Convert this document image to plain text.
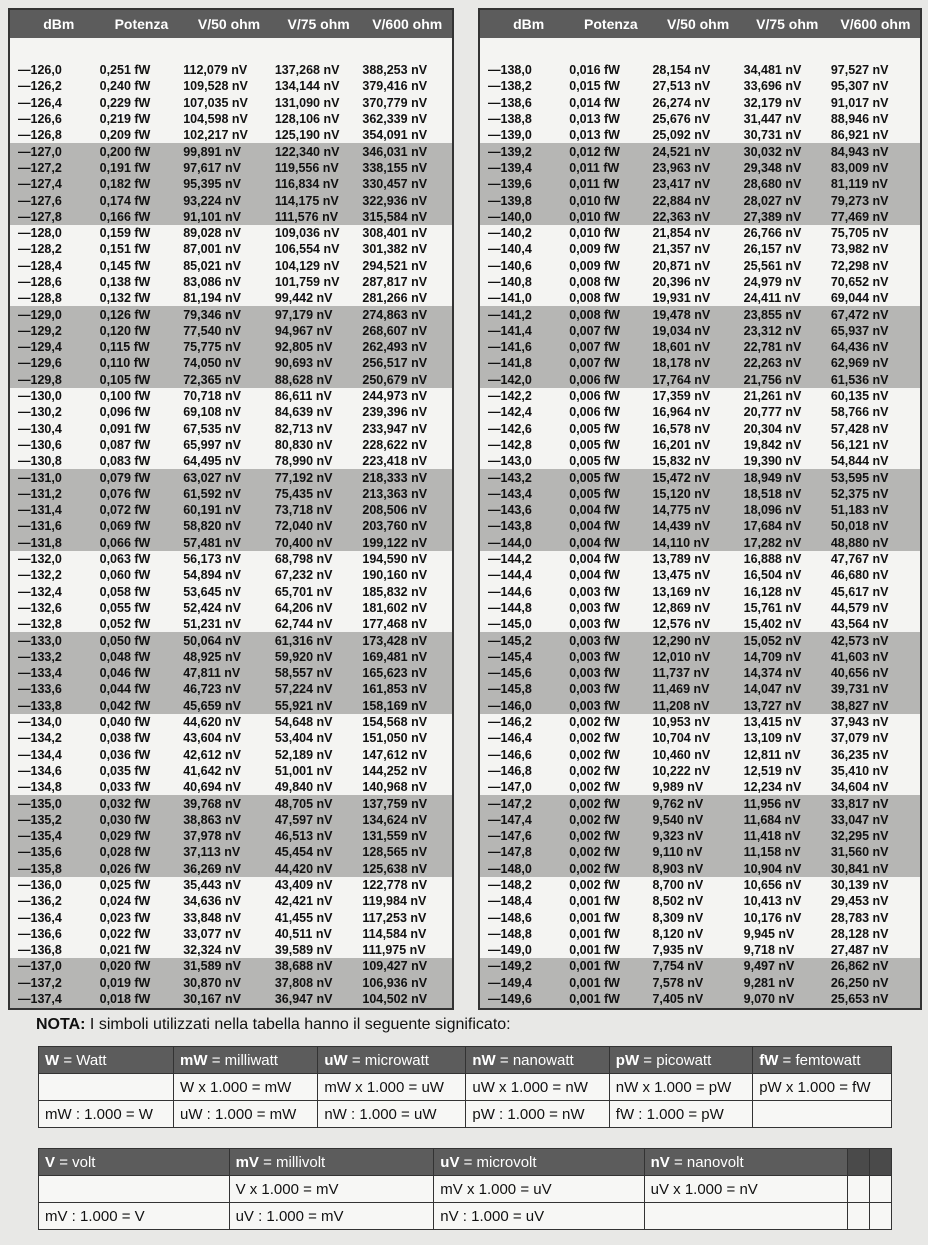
dBm	Potenza	V/50 ohm	V/75 ohm	V/600 ohm
—126,0	0,251 fW	112,079 nV	137,268 nV	388,253 nV
—126,2	0,240 fW	109,528 nV	134,144 nV	379,416 nV
—126,4	0,229 fW	107,035 nV	131,090 nV	370,779 nV
—126,6	0,219 fW	104,598 nV	128,106 nV	362,339 nV
—126,8	0,209 fW	102,217 nV	125,190 nV	354,091 nV
—127,0	0,200 fW	99,891 nV	122,340 nV	346,031 nV
—127,2	0,191 fW	97,617 nV	119,556 nV	338,155 nV
—127,4	0,182 fW	95,395 nV	116,834 nV	330,457 nV
—127,6	0,174 fW	93,224 nV	114,175 nV	322,936 nV
—127,8	0,166 fW	91,101 nV	111,576 nV	315,584 nV
—128,0	0,159 fW	89,028 nV	109,036 nV	308,401 nV
—128,2	0,151 fW	87,001 nV	106,554 nV	301,382 nV
—128,4	0,145 fW	85,021 nV	104,129 nV	294,521 nV
—128,6	0,138 fW	83,086 nV	101,759 nV	287,817 nV
—128,8	0,132 fW	81,194 nV	99,442 nV	281,266 nV
—129,0	0,126 fW	79,346 nV	97,179 nV	274,863 nV
—129,2	0,120 fW	77,540 nV	94,967 nV	268,607 nV
—129,4	0,115 fW	75,775 nV	92,805 nV	262,493 nV
—129,6	0,110 fW	74,050 nV	90,693 nV	256,517 nV
—129,8	0,105 fW	72,365 nV	88,628 nV	250,679 nV
—130,0	0,100 fW	70,718 nV	86,611 nV	244,973 nV
—130,2	0,096 fW	69,108 nV	84,639 nV	239,396 nV
—130,4	0,091 fW	67,535 nV	82,713 nV	233,947 nV
—130,6	0,087 fW	65,997 nV	80,830 nV	228,622 nV
—130,8	0,083 fW	64,495 nV	78,990 nV	223,418 nV
—131,0	0,079 fW	63,027 nV	77,192 nV	218,333 nV
—131,2	0,076 fW	61,592 nV	75,435 nV	213,363 nV
—131,4	0,072 fW	60,191 nV	73,718 nV	208,506 nV
—131,6	0,069 fW	58,820 nV	72,040 nV	203,760 nV
—131,8	0,066 fW	57,481 nV	70,400 nV	199,122 nV
—132,0	0,063 fW	56,173 nV	68,798 nV	194,590 nV
—132,2	0,060 fW	54,894 nV	67,232 nV	190,160 nV
—132,4	0,058 fW	53,645 nV	65,701 nV	185,832 nV
—132,6	0,055 fW	52,424 nV	64,206 nV	181,602 nV
—132,8	0,052 fW	51,231 nV	62,744 nV	177,468 nV
—133,0	0,050 fW	50,064 nV	61,316 nV	173,428 nV
—133,2	0,048 fW	48,925 nV	59,920 nV	169,481 nV
—133,4	0,046 fW	47,811 nV	58,557 nV	165,623 nV
—133,6	0,044 fW	46,723 nV	57,224 nV	161,853 nV
—133,8	0,042 fW	45,659 nV	55,921 nV	158,169 nV
—134,0	0,040 fW	44,620 nV	54,648 nV	154,568 nV
—134,2	0,038 fW	43,604 nV	53,404 nV	151,050 nV
—134,4	0,036 fW	42,612 nV	52,189 nV	147,612 nV
—134,6	0,035 fW	41,642 nV	51,001 nV	144,252 nV
—134,8	0,033 fW	40,694 nV	49,840 nV	140,968 nV
—135,0	0,032 fW	39,768 nV	48,705 nV	137,759 nV
—135,2	0,030 fW	38,863 nV	47,597 nV	134,624 nV
—135,4	0,029 fW	37,978 nV	46,513 nV	131,559 nV
—135,6	0,028 fW	37,113 nV	45,454 nV	128,565 nV
—135,8	0,026 fW	36,269 nV	44,420 nV	125,638 nV
—136,0	0,025 fW	35,443 nV	43,409 nV	122,778 nV
—136,2	0,024 fW	34,636 nV	42,421 nV	119,984 nV
—136,4	0,023 fW	33,848 nV	41,455 nV	117,253 nV
—136,6	0,022 fW	33,077 nV	40,511 nV	114,584 nV
—136,8	0,021 fW	32,324 nV	39,589 nV	111,975 nV
—137,0	0,020 fW	31,589 nV	38,688 nV	109,427 nV
—137,2	0,019 fW	30,870 nV	37,808 nV	106,936 nV
—137,4	0,018 fW	30,167 nV	36,947 nV	104,502 nV
dBm	Potenza	V/50 ohm	V/75 ohm	V/600 ohm
—138,0	0,016 fW	28,154 nV	34,481 nV	97,527 nV
—138,2	0,015 fW	27,513 nV	33,696 nV	95,307 nV
—138,6	0,014 fW	26,274 nV	32,179 nV	91,017 nV
—138,8	0,013 fW	25,676 nV	31,447 nV	88,946 nV
—139,0	0,013 fW	25,092 nV	30,731 nV	86,921 nV
—139,2	0,012 fW	24,521 nV	30,032 nV	84,943 nV
—139,4	0,011 fW	23,963 nV	29,348 nV	83,009 nV
—139,6	0,011 fW	23,417 nV	28,680 nV	81,119 nV
—139,8	0,010 fW	22,884 nV	28,027 nV	79,273 nV
—140,0	0,010 fW	22,363 nV	27,389 nV	77,469 nV
—140,2	0,010 fW	21,854 nV	26,766 nV	75,705 nV
—140,4	0,009 fW	21,357 nV	26,157 nV	73,982 nV
—140,6	0,009 fW	20,871 nV	25,561 nV	72,298 nV
—140,8	0,008 fW	20,396 nV	24,979 nV	70,652 nV
—141,0	0,008 fW	19,931 nV	24,411 nV	69,044 nV
—141,2	0,008 fW	19,478 nV	23,855 nV	67,472 nV
—141,4	0,007 fW	19,034 nV	23,312 nV	65,937 nV
—141,6	0,007 fW	18,601 nV	22,781 nV	64,436 nV
—141,8	0,007 fW	18,178 nV	22,263 nV	62,969 nV
—142,0	0,006 fW	17,764 nV	21,756 nV	61,536 nV
—142,2	0,006 fW	17,359 nV	21,261 nV	60,135 nV
—142,4	0,006 fW	16,964 nV	20,777 nV	58,766 nV
—142,6	0,005 fW	16,578 nV	20,304 nV	57,428 nV
—142,8	0,005 fW	16,201 nV	19,842 nV	56,121 nV
—143,0	0,005 fW	15,832 nV	19,390 nV	54,844 nV
—143,2	0,005 fW	15,472 nV	18,949 nV	53,595 nV
—143,4	0,005 fW	15,120 nV	18,518 nV	52,375 nV
—143,6	0,004 fW	14,775 nV	18,096 nV	51,183 nV
—143,8	0,004 fW	14,439 nV	17,684 nV	50,018 nV
—144,0	0,004 fW	14,110 nV	17,282 nV	48,880 nV
—144,2	0,004 fW	13,789 nV	16,888 nV	47,767 nV
—144,4	0,004 fW	13,475 nV	16,504 nV	46,680 nV
—144,6	0,003 fW	13,169 nV	16,128 nV	45,617 nV
—144,8	0,003 fW	12,869 nV	15,761 nV	44,579 nV
—145,0	0,003 fW	12,576 nV	15,402 nV	43,564 nV
—145,2	0,003 fW	12,290 nV	15,052 nV	42,573 nV
—145,4	0,003 fW	12,010 nV	14,709 nV	41,603 nV
—145,6	0,003 fW	11,737 nV	14,374 nV	40,656 nV
—145,8	0,003 fW	11,469 nV	14,047 nV	39,731 nV
—146,0	0,003 fW	11,208 nV	13,727 nV	38,827 nV
—146,2	0,002 fW	10,953 nV	13,415 nV	37,943 nV
—146,4	0,002 fW	10,704 nV	13,109 nV	37,079 nV
—146,6	0,002 fW	10,460 nV	12,811 nV	36,235 nV
—146,8	0,002 fW	10,222 nV	12,519 nV	35,410 nV
—147,0	0,002 fW	9,989 nV	12,234 nV	34,604 nV
—147,2	0,002 fW	9,762 nV	11,956 nV	33,817 nV
—147,4	0,002 fW	9,540 nV	11,684 nV	33,047 nV
—147,6	0,002 fW	9,323 nV	11,418 nV	32,295 nV
—147,8	0,002 fW	9,110 nV	11,158 nV	31,560 nV
—148,0	0,002 fW	8,903 nV	10,904 nV	30,841 nV
—148,2	0,002 fW	8,700 nV	10,656 nV	30,139 nV
—148,4	0,001 fW	8,502 nV	10,413 nV	29,453 nV
—148,6	0,001 fW	8,309 nV	10,176 nV	28,783 nV
—148,8	0,001 fW	8,120 nV	9,945 nV	28,128 nV
—149,0	0,001 fW	7,935 nV	9,718 nV	27,487 nV
—149,2	0,001 fW	7,754 nV	9,497 nV	26,862 nV
—149,4	0,001 fW	7,578 nV	9,281 nV	26,250 nV
—149,6	0,001 fW	7,405 nV	9,070 nV	25,653 nV
NOTA: I simboli utilizzati nella tabella hanno il seguente significato:
W = Watt	mW = milliwatt	uW = microwatt	nW = nanowatt	pW = picowatt	fW = femtowatt
	W x 1.000 = mW	mW x 1.000 = uW	uW x 1.000 = nW	nW x 1.000 = pW	pW x 1.000 = fW
mW : 1.000 = W	uW : 1.000 = mW	nW : 1.000 = uW	pW : 1.000 = nW	fW : 1.000 = pW	
V = volt	mV = millivolt	uV = microvolt	nV = nanovolt		
	V x 1.000 = mV	mV x 1.000 = uV	uV x 1.000 = nV		
mV : 1.000 = V	uV : 1.000 = mV	nV : 1.000 = uV			
